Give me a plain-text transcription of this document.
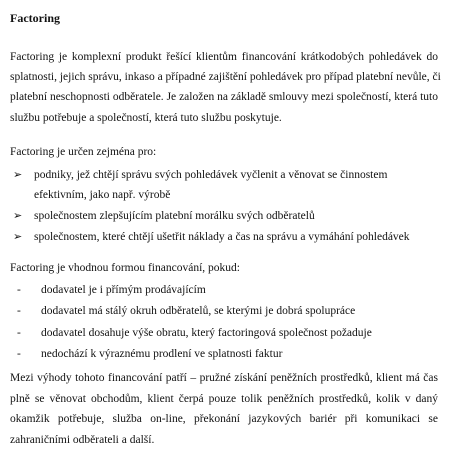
Factoring
Factoring je komplexní produkt řešící klientům financování krátkodobých pohledávek do
splatnosti, jejich správu, inkaso a případné zajištění pohledávek pro případ platební nevůle, či
platební neschopnosti odběratele. Je založen na základě smlouvy mezi společností, která tuto
službu potřebuje a společností, která tuto službu poskytuje.
Factoring je určen zejména pro:
➢ podniky, jež chtějí správu svých pohledávek vyčlenit a věnovat se činnostem
efektivním, jako např. výrobě
➢ společnostem zlepšujícím platební morálku svých odběratelů
➢ společnostem, které chtějí ušetřit náklady a čas na správu a vymáhání pohledávek
Factoring je vhodnou formou financování, pokud:
- dodavatel je i přímým prodávajícím
- dodavatel má stálý okruh odběratelů, se kterými je dobrá spolupráce
- dodavatel dosahuje výše obratu, který factoringová společnost požaduje
- nedochází k výraznému prodlení ve splatnosti faktur
Mezi výhody tohoto financování patří – pružné získání peněžních prostředků, klient má čas
plně se věnovat obchodům, klient čerpá pouze tolik peněžních prostředků, kolik v daný
okamžik potřebuje, služba on-line, překonání jazykových bariér při komunikaci se
zahraničními odběrateli a další.
